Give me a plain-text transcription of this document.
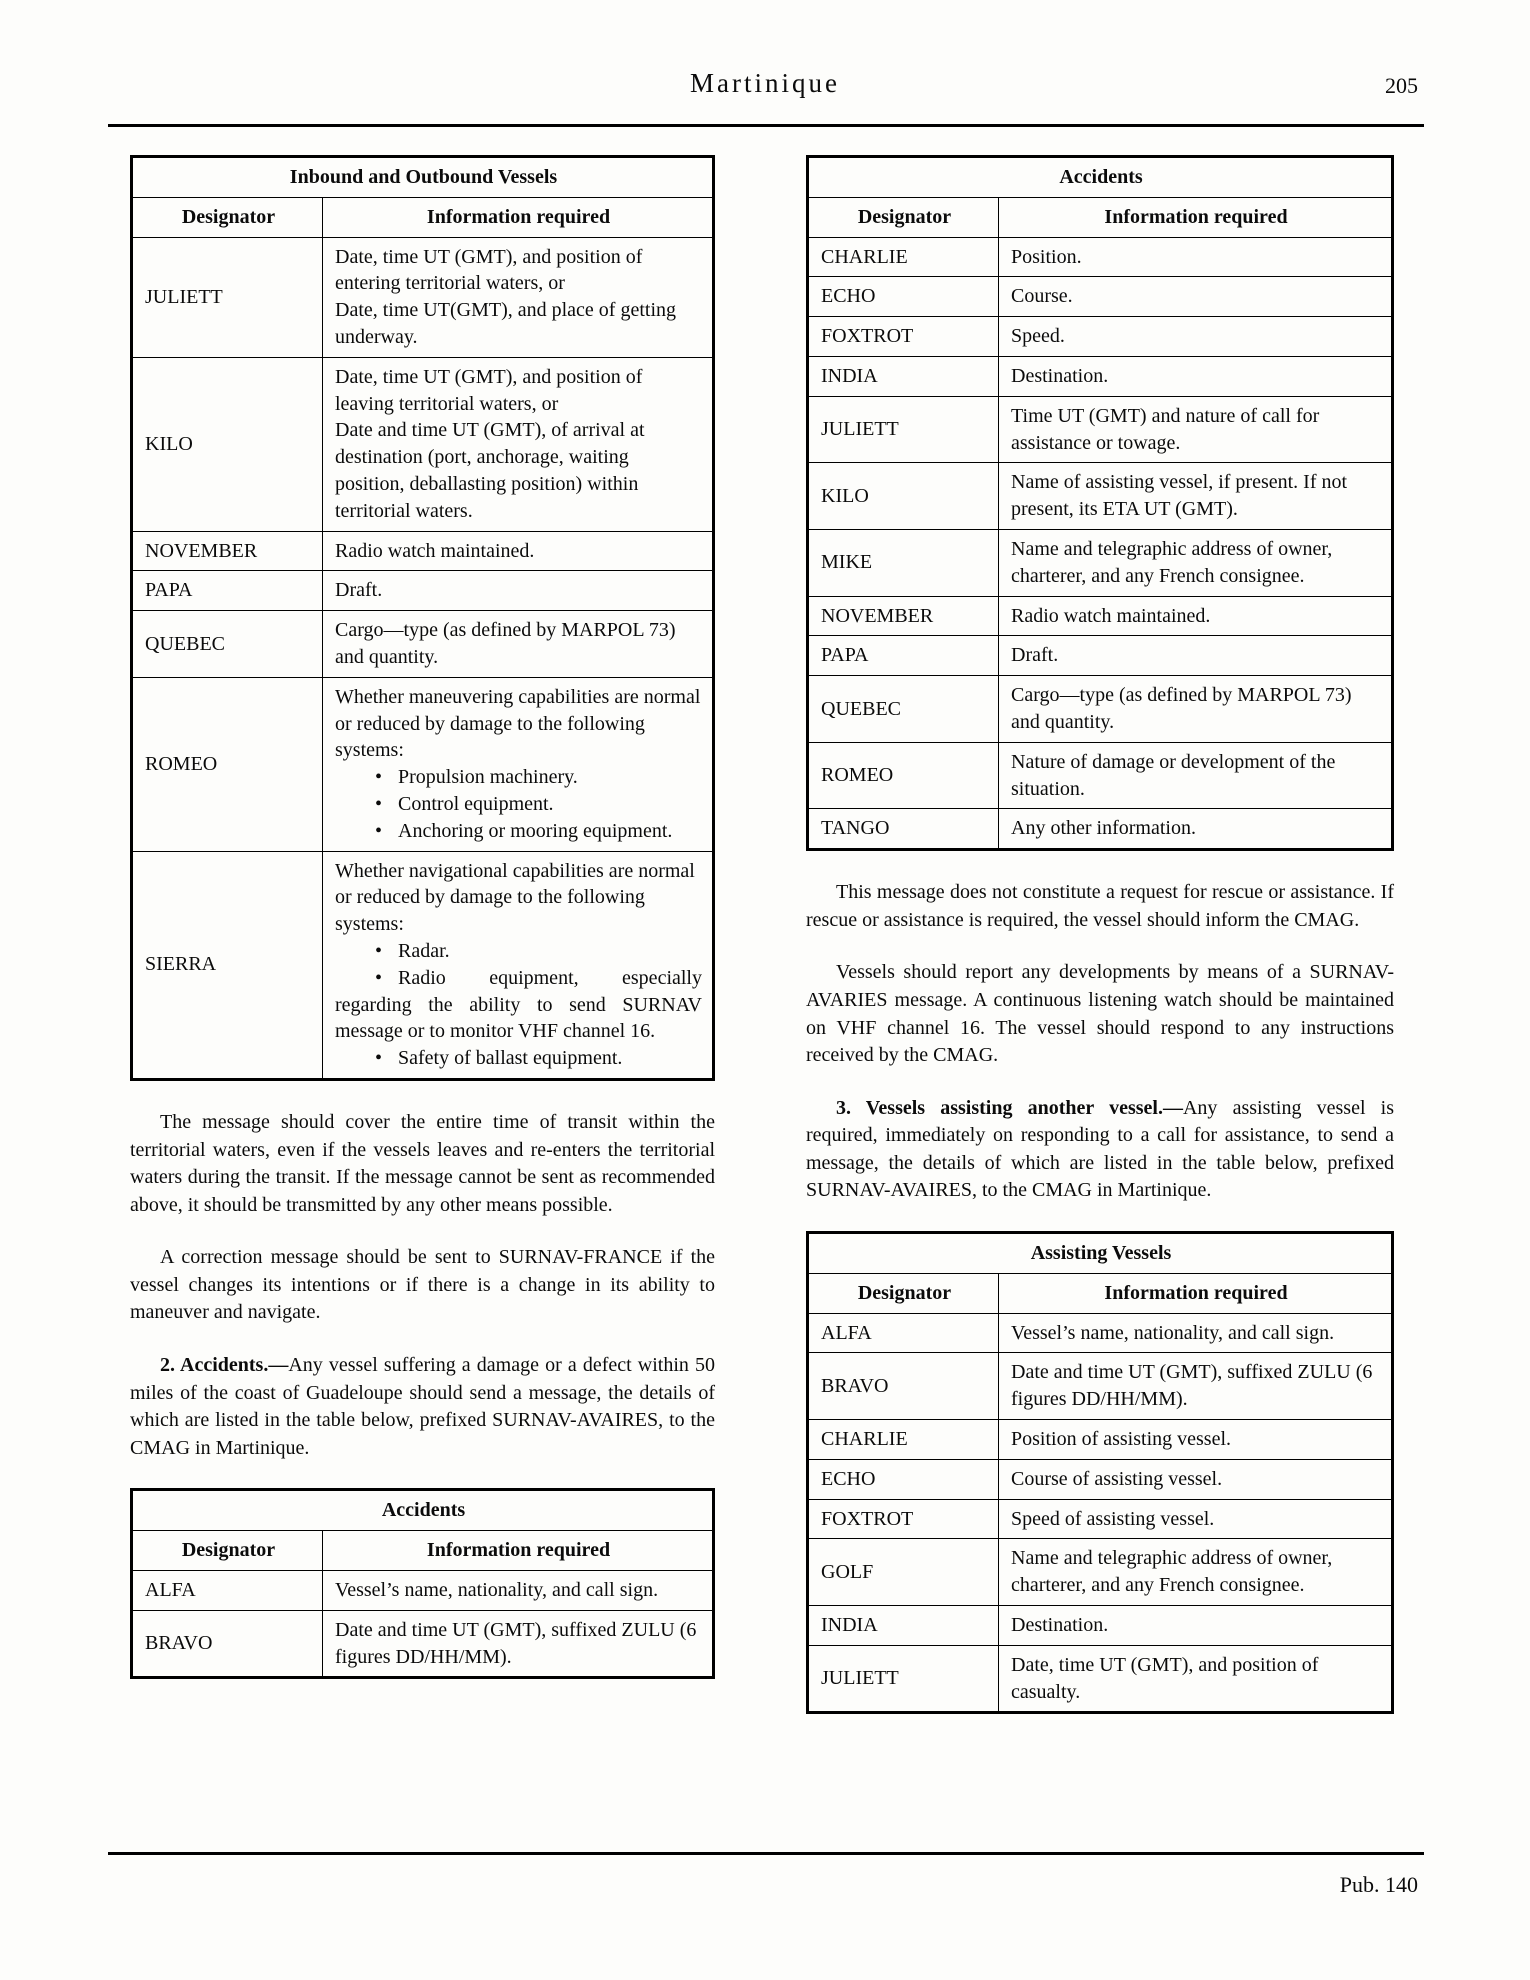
Martinique	205
Inbound and Outbound Vessels	
Designator	Information required
JULIETT	Date, time UT (GMT), and position of entering territorial waters, or
Date, time UT(GMT), and place of getting underway.

KILO	Date, time UT (GMT), and position of leaving territorial waters, or
Date and time UT (GMT), of arrival at destination (port, anchorage, waiting position, deballasting position) within territorial waters.

NOVEMBER	Radio watch maintained.
PAPA	Draft.
QUEBEC	Cargo—type (as defined by MARPOL 73) and quantity.
ROMEO	Whether maneuvering capabilities are normal or reduced by damage to the following systems:
• Propulsion machinery.
• Control equipment.
• Anchoring or mooring equipment.

SIERRA	Whether navigational capabilities are normal or reduced by damage to the following systems:
• Radar.
• Radio equipment, especially regarding the ability to send SURNAV message or to monitor VHF channel 16.
• Safety of ballast equipment.

The message should cover the entire time of transit within the territorial waters, even if the vessels leaves and re-enters the territorial waters during the transit. If the message cannot be sent as recommended above, it should be transmitted by any other means possible.

A correction message should be sent to SURNAV-FRANCE if the vessel changes its intentions or if there is a change in its ability to maneuver and navigate.

2. Accidents.—Any vessel suffering a damage or a defect within 50 miles of the coast of Guadeloupe should send a message, the details of which are listed in the table below, prefixed SURNAV-AVAIRES, to the CMAG in Martinique.

Accidents	
Designator	Information required
ALFA	Vessel’s name, nationality, and call sign.
BRAVO	Date and time UT (GMT), suffixed ZULU (6 figures DD/HH/MM).
Accidents	
Designator	Information required
CHARLIE	Position.
ECHO	Course.
FOXTROT	Speed.
INDIA	Destination.
JULIETT	Time UT (GMT) and nature of call for assistance or towage.
KILO	Name of assisting vessel, if present. If not present, its ETA UT (GMT).
MIKE	Name and telegraphic address of owner, charterer, and any French consignee.
NOVEMBER	Radio watch maintained.
PAPA	Draft.
QUEBEC	Cargo—type (as defined by MARPOL 73) and quantity.
ROMEO	Nature of damage or development of the situation.
TANGO	Any other information.

This message does not constitute a request for rescue or assistance. If rescue or assistance is required, the vessel should inform the CMAG.

Vessels should report any developments by means of a SURNAV-AVARIES message. A continuous listening watch should be maintained on VHF channel 16. The vessel should respond to any instructions received by the CMAG.

3. Vessels assisting another vessel.—Any assisting vessel is required, immediately on responding to a call for assistance, to send a message, the details of which are listed in the table below, prefixed SURNAV-AVAIRES, to the CMAG in Martinique.

Assisting Vessels	
Designator	Information required
ALFA	Vessel’s name, nationality, and call sign.
BRAVO	Date and time UT (GMT), suffixed ZULU (6 figures DD/HH/MM).
CHARLIE	Position of assisting vessel.
ECHO	Course of assisting vessel.
FOXTROT	Speed of assisting vessel.
GOLF	Name and telegraphic address of owner, charterer, and any French consignee.
INDIA	Destination.
JULIETT	Date, time UT (GMT), and position of casualty.
Pub. 140
